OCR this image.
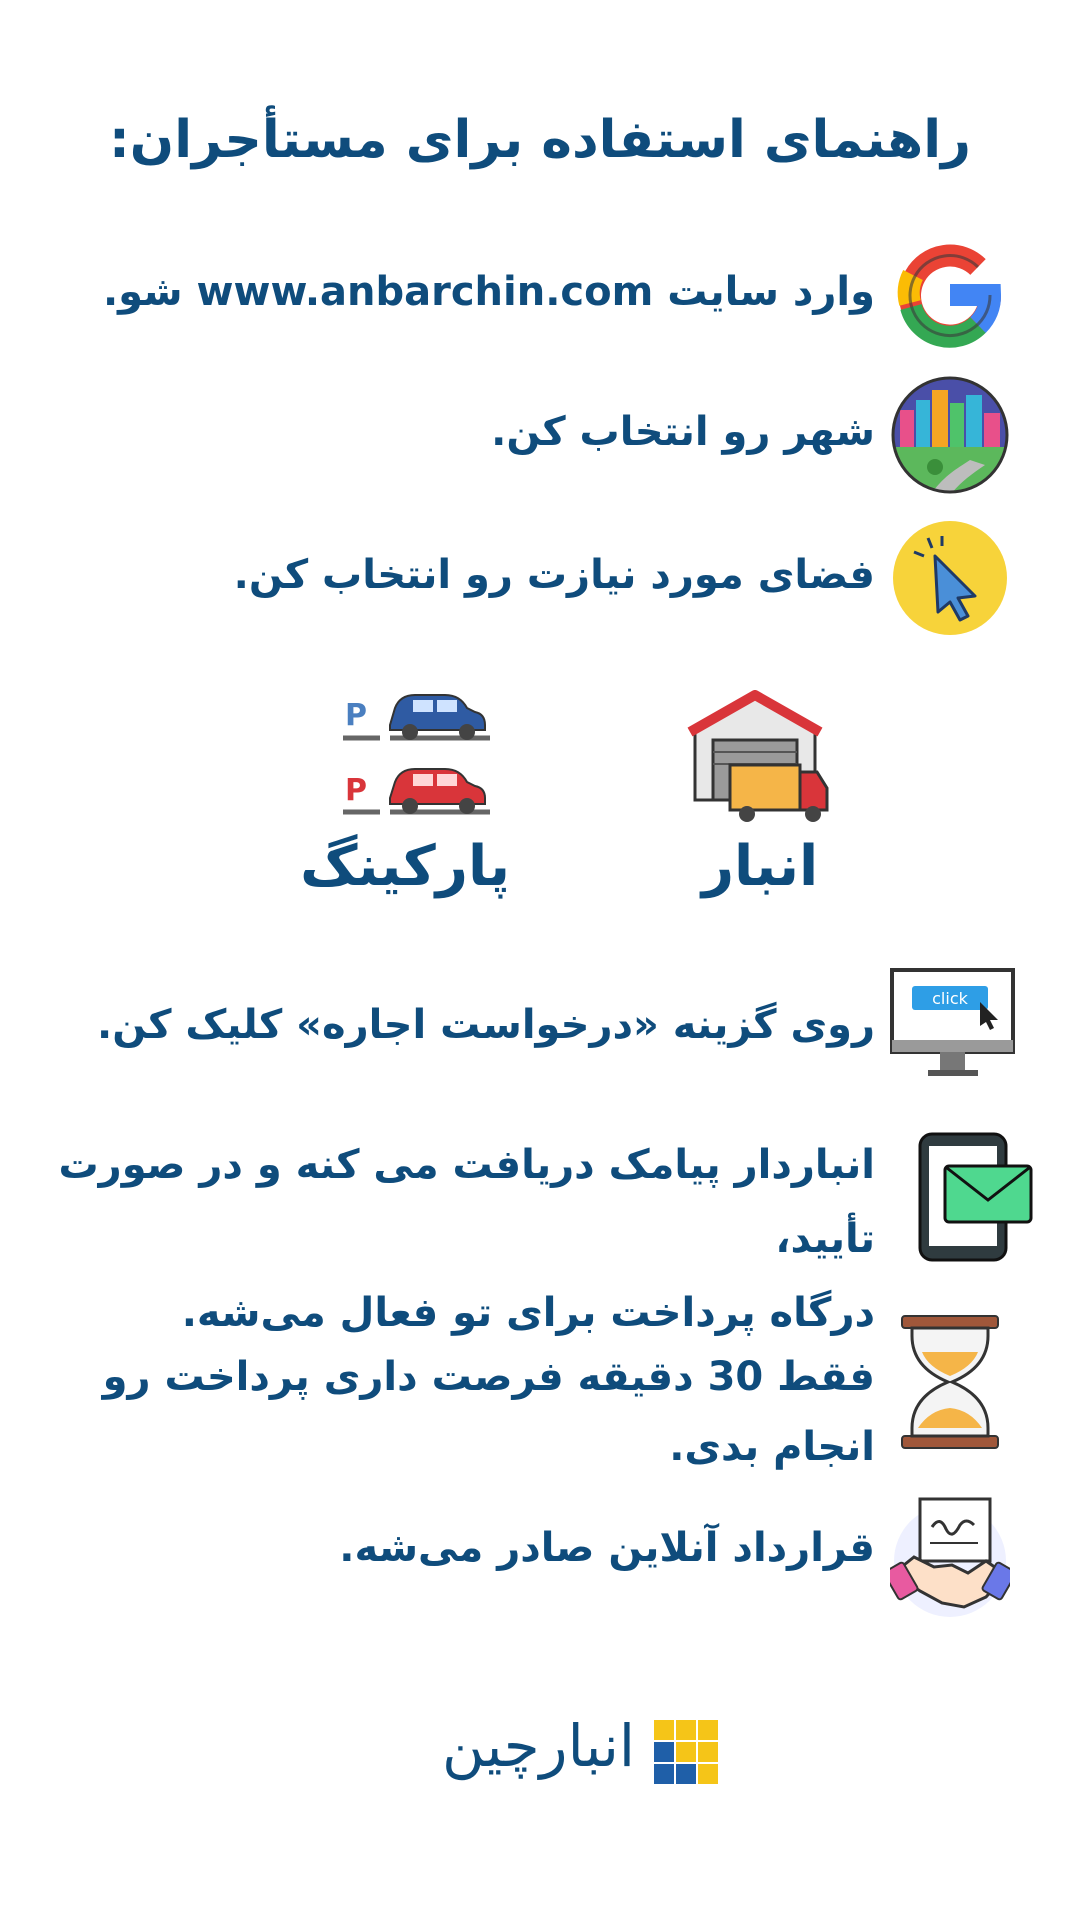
راهنمای استفاده برای مستأجران:
وارد سایت www.anbarchin.com شو.
شهر رو انتخاب کن.
فضای مورد نیازت رو انتخاب کن.
انبار
P
P
پارکینگ
click
روی گزینه «درخواست اجاره» کلیک کن.
انباردار پیامک دریافت می کنه و در صورت تأیید،
درگاه پرداخت برای تو فعال می‌شه.
فقط 30 دقیقه فرصت داری پرداخت رو انجام بدی.
قرارداد آنلاین صادر می‌شه.
انبارچین
